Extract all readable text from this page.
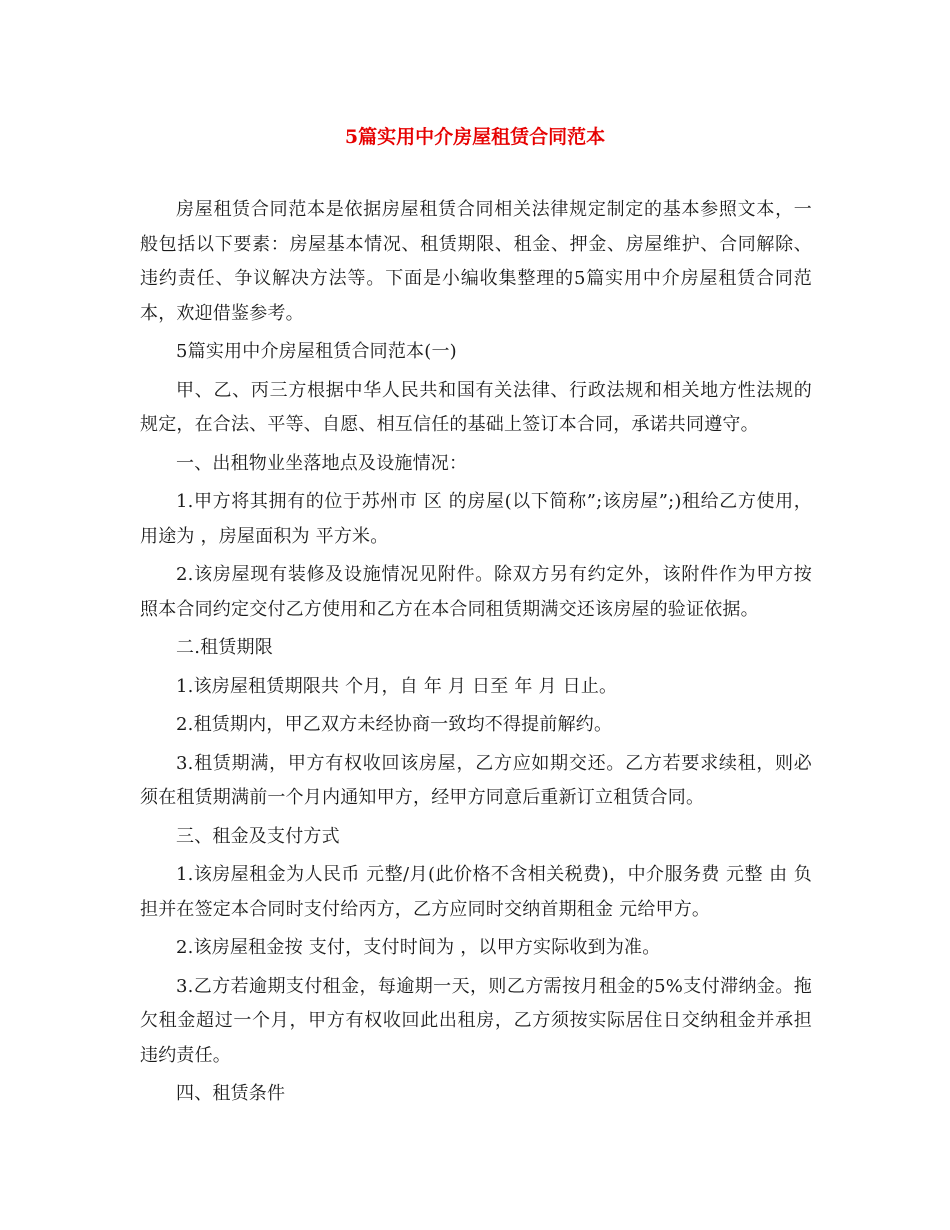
5篇实用中介房屋租赁合同范本

房屋租赁合同范本是依据房屋租赁合同相关法律规定制定的基本参照文本，一般包括以下要素：房屋基本情况、租赁期限、租金、押金、房屋维护、合同解除、违约责任、争议解决方法等。下面是小编收集整理的5篇实用中介房屋租赁合同范本，欢迎借鉴参考。

5篇实用中介房屋租赁合同范本(一)

甲、乙、丙三方根据中华人民共和国有关法律、行政法规和相关地方性法规的规定，在合法、平等、自愿、相互信任的基础上签订本合同，承诺共同遵守。

一、出租物业坐落地点及设施情况：

1.甲方将其拥有的位于苏州市 区 的房屋(以下简称”;该房屋”;)租给乙方使用，用途为 ，房屋面积为 平方米。

2.该房屋现有装修及设施情况见附件。除双方另有约定外，该附件作为甲方按照本合同约定交付乙方使用和乙方在本合同租赁期满交还该房屋的验证依据。

二.租赁期限

1.该房屋租赁期限共 个月，自 年 月 日至 年 月 日止。

2.租赁期内，甲乙双方未经协商一致均不得提前解约。

3.租赁期满，甲方有权收回该房屋，乙方应如期交还。乙方若要求续租，则必须在租赁期满前一个月内通知甲方，经甲方同意后重新订立租赁合同。

三、租金及支付方式

1.该房屋租金为人民币 元整/月(此价格不含相关税费)，中介服务费 元整 由 负担并在签定本合同时支付给丙方，乙方应同时交纳首期租金 元给甲方。

2.该房屋租金按 支付，支付时间为 ，以甲方实际收到为准。

3.乙方若逾期支付租金，每逾期一天，则乙方需按月租金的5%支付滞纳金。拖欠租金超过一个月，甲方有权收回此出租房，乙方须按实际居住日交纳租金并承担违约责任。

四、租赁条件
